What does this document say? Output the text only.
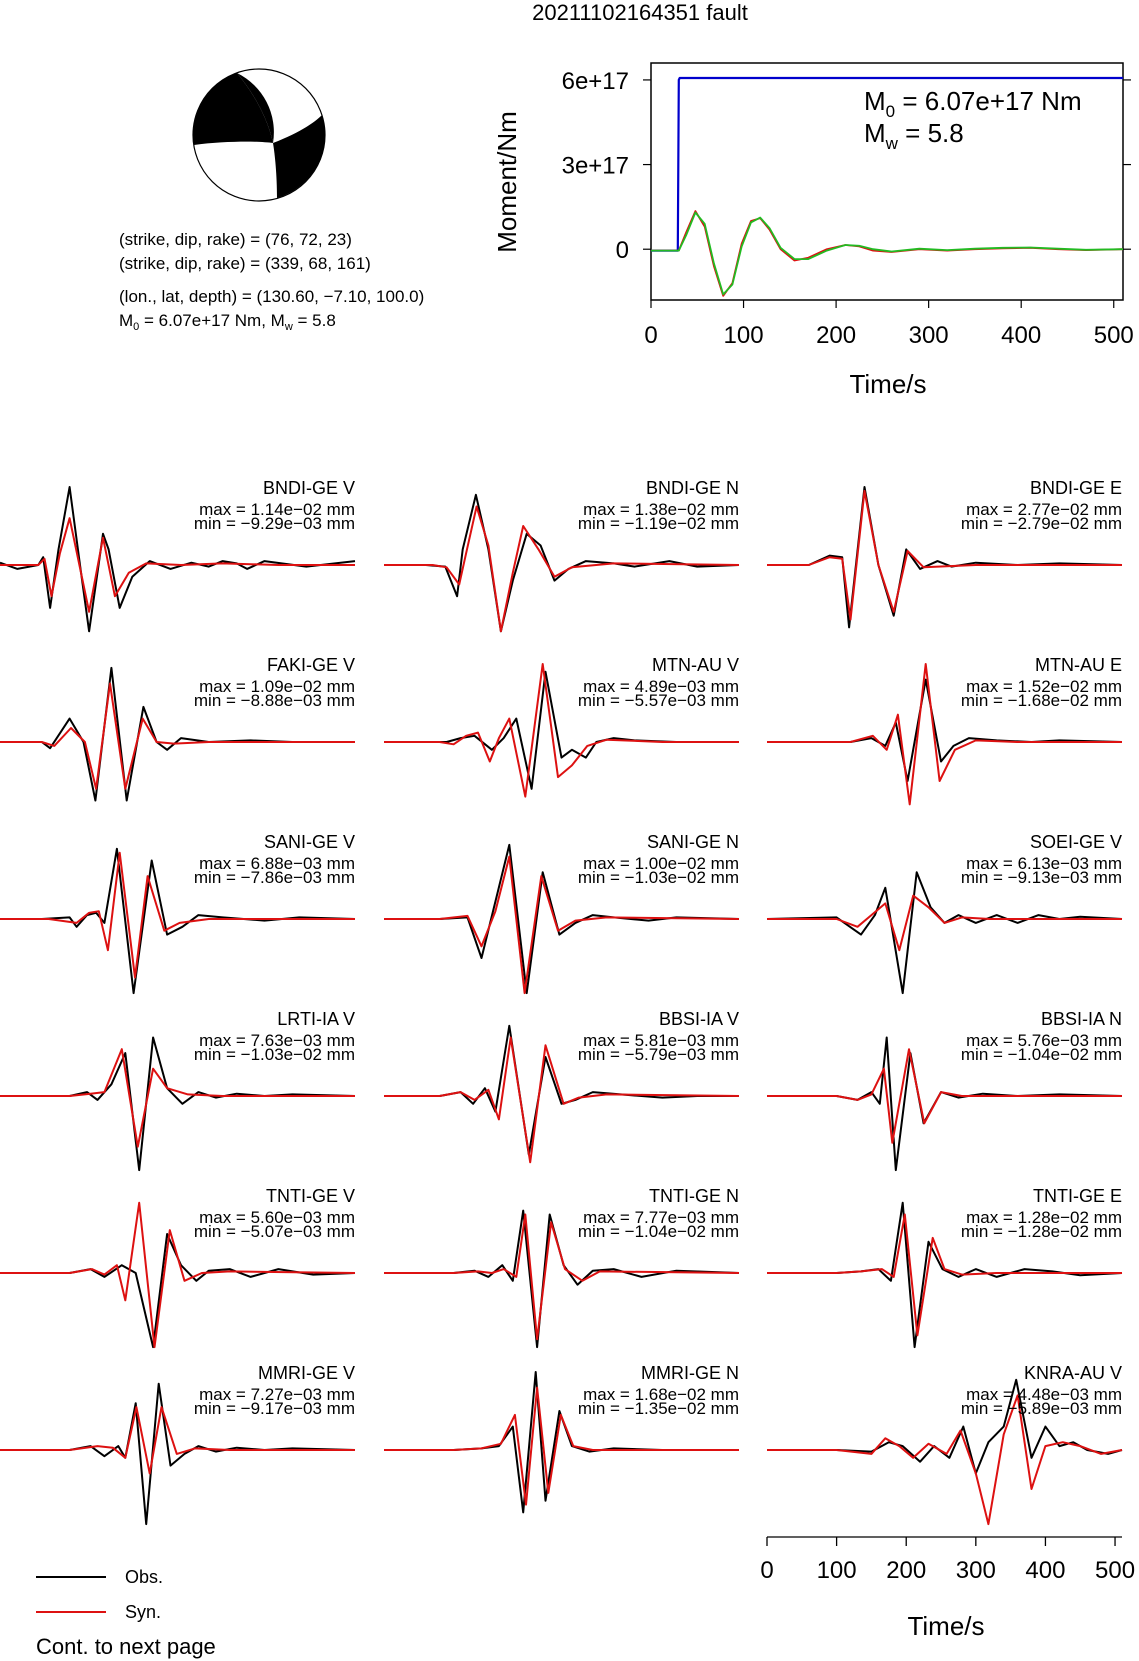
20211102164351 fault
(strike, dip, rake) = (76, 72, 23)
(strike, dip, rake) = (339, 68, 161)
(lon., lat, depth) = (130.60, −7.10, 100.0)
$M_0 = 6.07e+17$ Nm, $M_w = 5.8$
0	100 200 300 400 500
0
3e+17
6e+17
Moment/Nm
Time/s
$M_0 = 6.07e+17$ Nm
$M_w = 5.8$
BNDI-GE V
max = 1.14e−02 mm
min = −9.29e−03 mm
BNDI-GE N
max = 1.38e−02 mm
min = −1.19e−02 mm
BNDI-GE E
max = 2.77e−02 mm
min = −2.79e−02 mm
FAKI-GE V
max = 1.09e−02 mm
min = −8.88e−03 mm
MTN-AU V
max = 4.89e−03 mm
min = −5.57e−03 mm
MTN-AU E
max = 1.52e−02 mm
min = −1.68e−02 mm
SANI-GE V
max = 6.88e−03 mm
min = −7.86e−03 mm
SANI-GE N
max = 1.00e−02 mm
min = −1.03e−02 mm
SOEI-GE V
max = 6.13e−03 mm
min = −9.13e−03 mm
LRTI-IA V
max = 7.63e−03 mm
min = −1.03e−02 mm
BBSI-IA V
max = 5.81e−03 mm
min = −5.79e−03 mm
BBSI-IA N
max = 5.76e−03 mm
min = −1.04e−02 mm
TNTI-GE V
max = 5.60e−03 mm
min = −5.07e−03 mm
TNTI-GE N
max = 7.77e−03 mm
min = −1.04e−02 mm
TNTI-GE E
max = 1.28e−02 mm
min = −1.28e−02 mm
MMRI-GE V
max = 7.27e−03 mm
min = −9.17e−03 mm
MMRI-GE N
max = 1.68e−02 mm
min = −1.35e−02 mm
KNRA-AU V
max = 4.48e−03 mm
min = −5.89e−03 mm
0 100 200 300 400 500
Time/s
Obs.
Syn.
Cont. to next page
